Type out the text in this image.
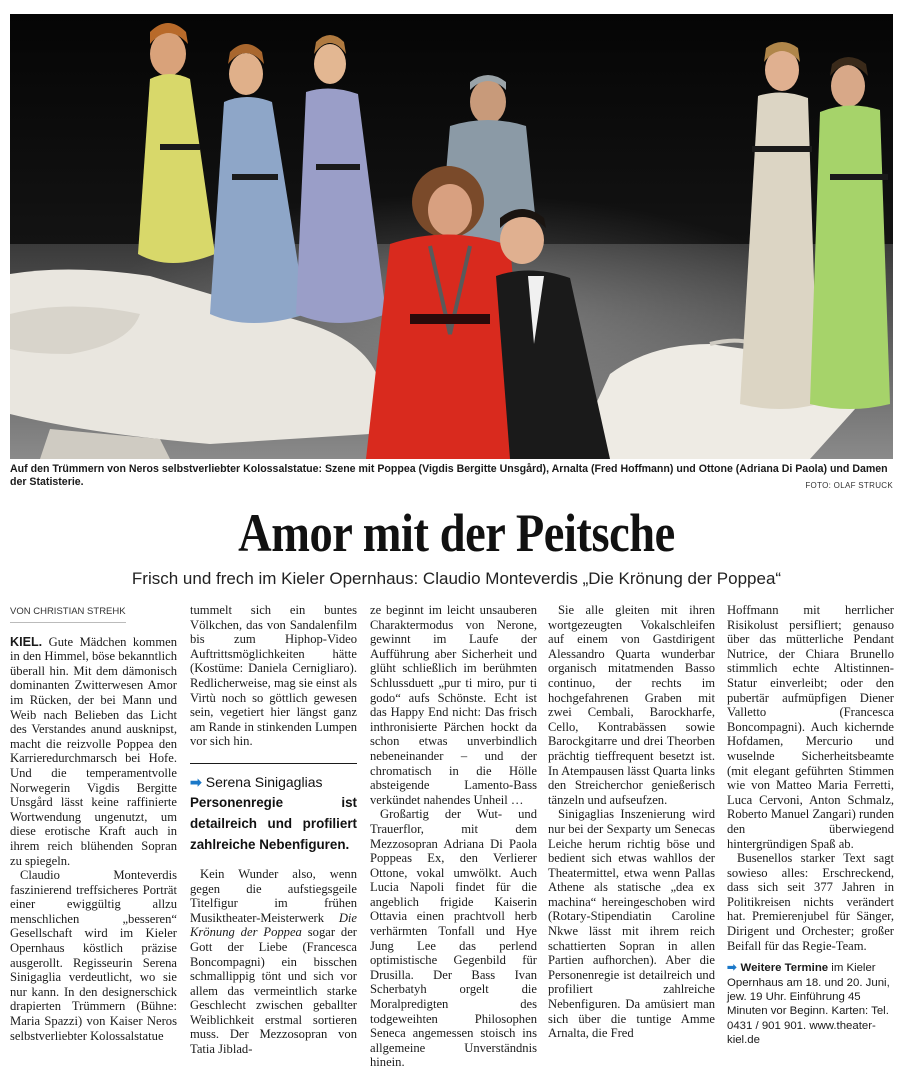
Auf den Trümmern von Neros selbstverliebter Kolossalstatue: Szene mit Poppea (Vigdis Bergitte Unsgård), Arnalta (Fred Hoffmann) und Ottone (Adriana Di Paola) und Damen der Statisterie.	FOTO: OLAF STRUCK
Amor mit der Peitsche
Frisch und frech im Kieler Opernhaus: Claudio Monteverdis „Die Krönung der Poppea“
VON CHRISTIAN STREHK

KIEL. Gute Mädchen kommen in den Himmel, böse bekanntlich überall hin. Mit dem dämonisch dominanten Zwitterwesen Amor im Rücken, der bei Mann und Weib nach Belieben das Licht des Verstandes anund ausknipst, macht die reizvolle Poppea den Karrieredurchmarsch bei Hofe. Und die temperamentvolle Norwegerin Vigdis Bergitte Unsgård lässt keine raffinierte Wortwendung ungenutzt, um diese erotische Kraft auch in ihrem reich blühenden Sopran zu spiegeln.

Claudio Monteverdis faszinierend treffsicheres Porträt einer ewiggültig allzu menschlichen „besseren“ Gesellschaft wird im Kieler Opernhaus köstlich präzise ausgerollt. Regisseurin Serena Sinigaglia verdeutlicht, wo sie nur kann. In den designerschick drapierten Trümmern (Bühne: Maria Spazzi) von Kaiser Neros selbstverliebter Kolossalstatue

tummelt sich ein buntes Völkchen, das von Sandalenfilm bis zum Hiphop-Video Auftrittsmöglichkeiten hätte (Kostüme: Daniela Cernigliaro). Redlicherweise, mag sie einst als Virtù noch so göttlich gewesen sein, vegetiert hier längst ganz am Rande in stinkenden Lumpen vor sich hin.

➡ Serena Sinigaglias
Personenregie ist detailreich und profiliert zahlreiche Nebenfiguren.

Kein Wunder also, wenn gegen die aufstiegsgeile Titelfigur im frühen Musiktheater-Meisterwerk Die Krönung der Poppea sogar der Gott der Liebe (Francesca Boncompagni) ein bisschen schmallippig tönt und sich vor allem das vermeintlich starke Geschlecht zwischen geballter Weiblichkeit erstmal sortieren muss. Der Mezzosopran von Tatia Jiblad-

ze beginnt im leicht unsauberen Charaktermodus von Nerone, gewinnt im Laufe der Aufführung aber Sicherheit und glüht schließlich im berühmten Schlussduett „pur ti miro, pur ti godo“ aufs Schönste. Echt ist das Happy End nicht: Das frisch inthronisierte Pärchen hockt da schon etwas unverbindlich nebeneinander – und der chromatisch in die Hölle absteigende Lamento-Bass verkündet nahendes Unheil …

Großartig der Wut- und Trauerflor, mit dem Mezzosopran Adriana Di Paola Poppeas Ex, den Verlierer Ottone, vokal umwölkt. Auch Lucia Napoli findet für die angeblich frigide Kaiserin Ottavia einen prachtvoll herb verhärmten Tonfall und Hye Jung Lee das perlend optimistische Gegenbild für Drusilla. Der Bass Ivan Scherbatyh orgelt die Moralpredigten des todgeweihten Philosophen Seneca angemessen stoisch ins allgemeine Unverständnis hinein.

Sie alle gleiten mit ihren wortgezeugten Vokalschleifen auf einem von Gastdirigent Alessandro Quarta wunderbar organisch mitatmenden Basso continuo, der rechts im hochgefahrenen Graben mit zwei Cembali, Barockharfe, Cello, Kontrabässen sowie Barockgitarre und drei Theorben prächtig tieffrequent besetzt ist. In Atempausen lässt Quarta links den Streicherchor genießerisch tänzeln und aufseufzen.

Sinigaglias Inszenierung wird nur bei der Sexparty um Senecas Leiche herum richtig böse und bedient sich etwas wahllos der Theatermittel, etwa wenn Pallas Athene als statische „dea ex machina“ hereingeschoben wird (Rotary-Stipendiatin Caroline Nkwe lässt mit ihrem reich schattierten Sopran in allen Partien aufhorchen). Aber die Personenregie ist detailreich und profiliert zahlreiche Nebenfiguren. Da amüsiert man sich über die tuntige Amme Arnalta, die Fred

Hoffmann mit herrlicher Risikolust persifliert; genauso über das mütterliche Pendant Nutrice, der Chiara Brunello stimmlich echte Altistinnen-Statur einverleibt; oder den pubertär aufmüpfigen Diener Valletto (Francesca Boncompagni). Auch kichernde Hofdamen, Mercurio und wuselnde Sicherheitsbeamte (mit elegant geführten Stimmen wie von Matteo Maria Ferretti, Luca Cervoni, Anton Schmalz, Roberto Manuel Zangari) runden den überwiegend hintergründigen Spaß ab.

Busenellos starker Text sagt sowieso alles: Erschreckend, dass sich seit 377 Jahren in Politikreisen nichts verändert hat. Premierenjubel für Sänger, Dirigent und Orchester; großer Beifall für das Regie-Team.

➡ Weitere Termine im Kieler Opernhaus am 18. und 20. Juni, jew. 19 Uhr. Einführung 45 Minuten vor Beginn. Karten: Tel. 0431 / 901 901. www.theater-kiel.de
